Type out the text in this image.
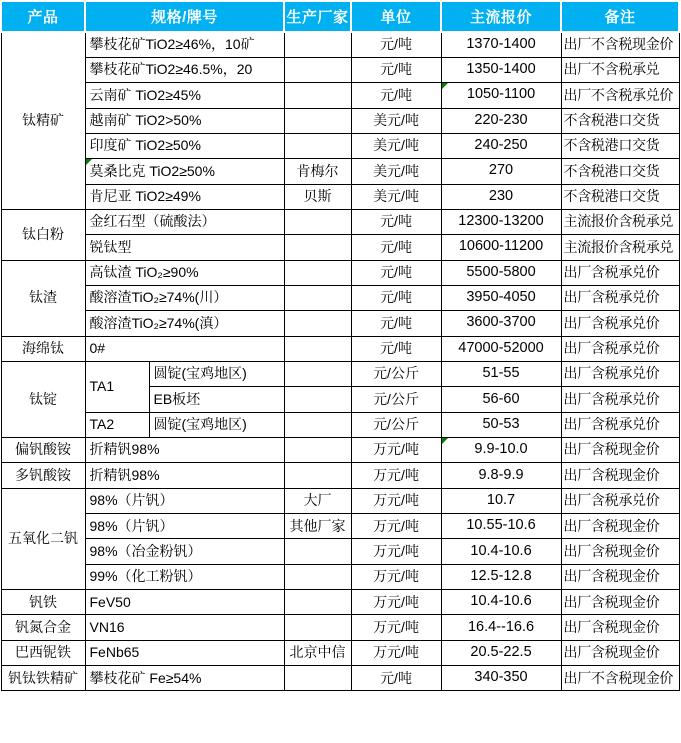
产品	规格/牌号		生产厂家	单位	主流报价	备注
钛精矿	攀枝花矿TiO2≥46%，10矿			元/吨	1370-1400	出厂不含税现金价
	攀枝花矿TiO2≥46.5%，20			元/吨	1350-1400	出厂不含税承兑
	云南矿 TiO2≥45%			元/吨	1050-1100	出厂不含税承兑价
	越南矿 TiO2>50%			美元/吨	220-230	不含税港口交货
	印度矿 TiO2≥50%			美元/吨	240-250	不含税港口交货
	莫桑比克 TiO2≥50%		肯梅尔	美元/吨	270	不含税港口交货
	肯尼亚 TiO2≥49%		贝斯	美元/吨	230	不含税港口交货
钛白粉	金红石型（硫酸法）			元/吨	12300-13200	主流报价含税承兑
	锐钛型			元/吨	10600-11200	主流报价含税承兑
钛渣	高钛渣 TiO₂≥90%			元/吨	5500-5800	出厂含税承兑价
	酸溶渣TiO₂≥74%(川）			元/吨	3950-4050	出厂含税承兑价
	酸溶渣TiO₂≥74%(滇）			元/吨	3600-3700	出厂含税承兑价
海绵钛	0#			元/吨	47000-52000	出厂含税承兑价
钛锭	TA1	圆锭(宝鸡地区)		元/公斤	51-55	出厂含税承兑价
		EB板坯		元/公斤	56-60	出厂含税承兑价
	TA2	圆锭(宝鸡地区)		元/公斤	50-53	出厂含税承兑价
偏钒酸铵	折精钒98%			万元/吨	9.9-10.0	出厂含税现金价
多钒酸铵	折精钒98%			万元/吨	9.8-9.9	出厂含税现金价
五氧化二钒	98%（片钒）		大厂	万元/吨	10.7	出厂含税承兑价
	98%（片钒）		其他厂家	万元/吨	10.55-10.6	出厂含税现金价
	98%（冶金粉钒）			万元/吨	10.4-10.6	出厂含税现金价
	99%（化工粉钒）			万元/吨	12.5-12.8	出厂含税现金价
钒铁	FeV50			万元/吨	10.4-10.6	出厂含税现金价
钒氮合金	VN16			万元/吨	16.4--16.6	出厂含税现金价
巴西铌铁	FeNb65		北京中信	万元/吨	20.5-22.5	出厂含税现金价
钒钛铁精矿	攀枝花矿 Fe≥54%			元/吨	340-350	出厂不含税现金价
